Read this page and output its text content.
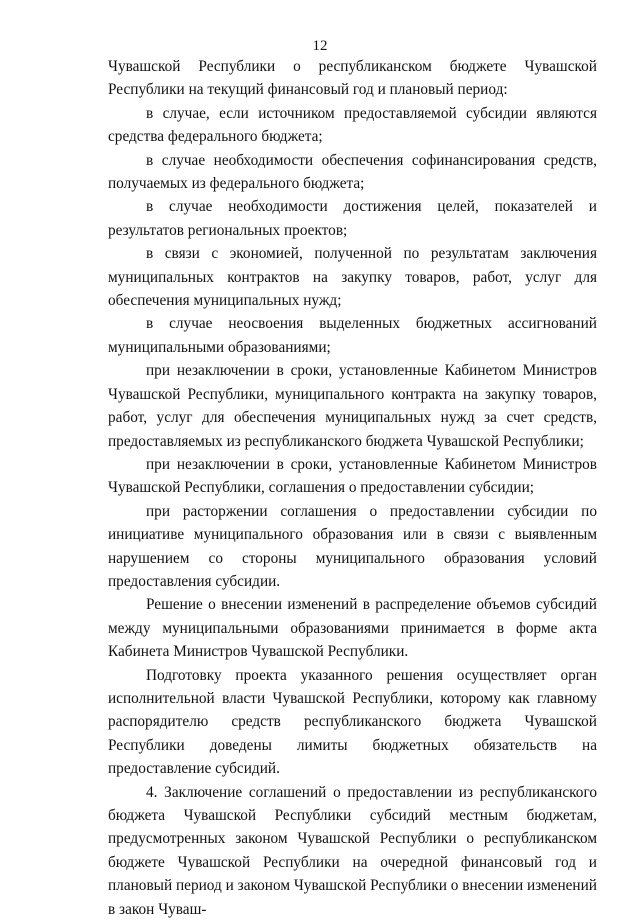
12

Чувашской Республики о республиканском бюджете Чувашской Республики на текущий финансовый год и плановый период:

в случае, если источником предоставляемой субсидии являются средства федерального бюджета;

в случае необходимости обеспечения софинансирования средств, получаемых из федерального бюджета;

в случае необходимости достижения целей, показателей и результатов региональных проектов;

в связи с экономией, полученной по результатам заключения муниципальных контрактов на закупку товаров, работ, услуг для обеспечения муниципальных нужд;

в случае неосвоения выделенных бюджетных ассигнований муниципальными образованиями;

при незаключении в сроки, установленные Кабинетом Министров Чувашской Республики, муниципального контракта на закупку товаров, работ, услуг для обеспечения муниципальных нужд за счет средств, предоставляемых из республиканского бюджета Чувашской Республики;

при незаключении в сроки, установленные Кабинетом Министров Чувашской Республики, соглашения о предоставлении субсидии;

при расторжении соглашения о предоставлении субсидии по инициативе муниципального образования или в связи с выявленным нарушением со стороны муниципального образования условий предоставления субсидии.

Решение о внесении изменений в распределение объемов субсидий между муниципальными образованиями принимается в форме акта Кабинета Министров Чувашской Республики.

Подготовку проекта указанного решения осуществляет орган исполнительной власти Чувашской Республики, которому как главному распорядителю средств республиканского бюджета Чувашской Республики доведены лимиты бюджетных обязательств на предоставление субсидий.

4. Заключение соглашений о предоставлении из республиканского бюджета Чувашской Республики субсидий местным бюджетам, предусмотренных законом Чувашской Республики о республиканском бюджете Чувашской Республики на очередной финансовый год и плановый период и законом Чувашской Республики о внесении изменений в закон Чуваш-
